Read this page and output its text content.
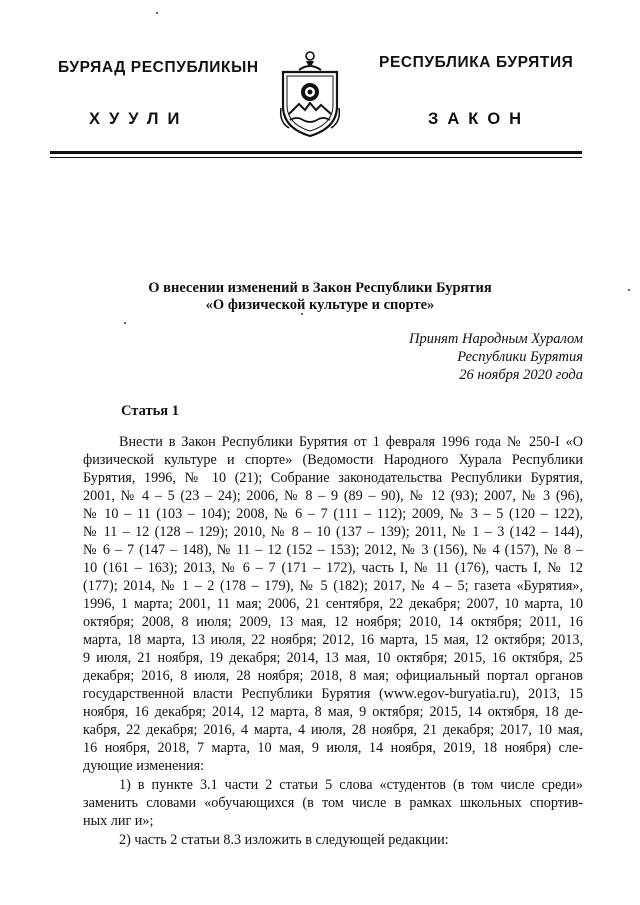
БУРЯАД РЕСПУБЛИКЫН
ХУУЛИ
РЕСПУБЛИКА БУРЯТИЯ
ЗАКОН
О внесении изменений в Закон Республики Бурятия
«О физической культуре и спорте»
Принят Народным Хуралом
Республики Бурятия
26 ноября 2020 года
Статья 1
Внести в Закон Республики Бурятия от 1 февраля 1996 года № 250-I «О
физической культуре и спорте» (Ведомости Народного Хурала Республики
Бурятия, 1996, № 10 (21); Собрание законодательства Республики Бурятия,
2001, № 4 – 5 (23 – 24); 2006, № 8 – 9 (89 – 90), № 12 (93); 2007, № 3 (96),
№ 10 – 11 (103 – 104); 2008, № 6 – 7 (111 – 112); 2009, № 3 – 5 (120 – 122),
№ 11 – 12 (128 – 129); 2010, № 8 – 10 (137 – 139); 2011, № 1 – 3 (142 – 144),
№ 6 – 7 (147 – 148), № 11 – 12 (152 – 153); 2012, № 3 (156), № 4 (157), № 8 –
10 (161 – 163); 2013, № 6 – 7 (171 – 172), часть I, № 11 (176), часть I, № 12
(177); 2014, № 1 – 2 (178 – 179), № 5 (182); 2017, № 4 – 5; газета «Бурятия»,
1996, 1 марта; 2001, 11 мая; 2006, 21 сентября, 22 декабря; 2007, 10 марта, 10
октября; 2008, 8 июля; 2009, 13 мая, 12 ноября; 2010, 14 октября; 2011, 16
марта, 18 марта, 13 июля, 22 ноября; 2012, 16 марта, 15 мая, 12 октября; 2013,
9 июля, 21 ноября, 19 декабря; 2014, 13 мая, 10 октября; 2015, 16 октября, 25
декабря; 2016, 8 июля, 28 ноября; 2018, 8 мая; официальный портал органов
государственной власти Республики Бурятия (www.egov-buryatia.ru), 2013, 15
ноября, 16 декабря; 2014, 12 марта, 8 мая, 9 октября; 2015, 14 октября, 18 де-
кабря, 22 декабря; 2016, 4 марта, 4 июля, 28 ноября, 21 декабря; 2017, 10 мая,
16 ноября, 2018, 7 марта, 10 мая, 9 июля, 14 ноября, 2019, 18 ноября) сле-
дующие изменения:
1) в пункте 3.1 части 2 статьи 5 слова «студентов (в том числе среди»
заменить словами «обучающихся (в том числе в рамках школьных спортив-
ных лиг и»;
2) часть 2 статьи 8.3 изложить в следующей редакции:
